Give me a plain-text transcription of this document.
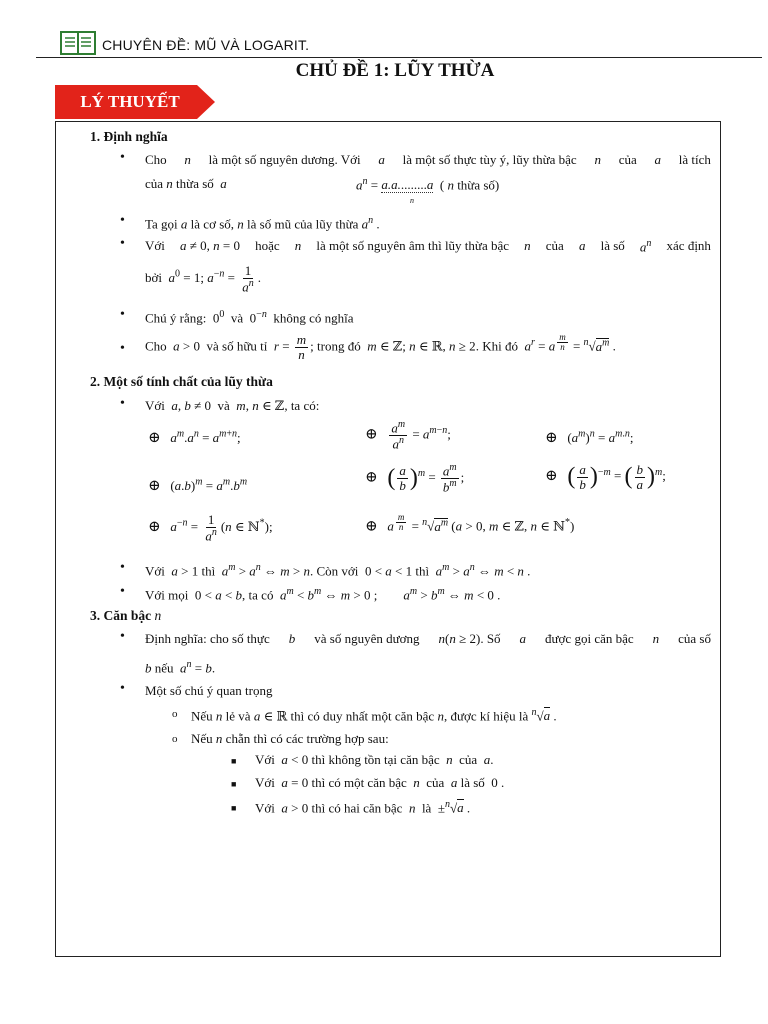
CHUYÊN ĐỀ: MŨ VÀ LOGARIT.
CHỦ ĐỀ 1: LŨY THỪA
LÝ THUYẾT
1. Định nghĩa
• Cho n là một số nguyên dương. Với a là một số thực tùy ý, lũy thừa bậc n của a là tích
của n thừa số a	$a^n = a.a.........a$  ( n thừa số)
n
• Ta gọi a là cơ số, n là số mũ của lũy thừa $a^n$ .
• Với a ≠ 0, n = 0 hoặc n là một số nguyên âm thì lũy thừa bậc n của a là số $a^n$ xác định
bởi $a^0 = 1$; $a^{-n} = \frac{1}{a^n}$ .
• Chú ý rằng:  $0^0$ và  $0^{-n}$ không có nghĩa
• Cho a > 0  và số hữu tỉ $r = \frac{m}{n}$ ; trong đó m ∈ ℤ; n ∈ ℝ, n ≥ 2. Khi đó $a^r = a$ $^{\frac{m}{n}} = ^n√a^m$ .
2. Một số tính chất của lũy thừa
• Với a, b ≠ 0  và m, n ∈ ℤ, ta có:
⊕ $a^m.a^n = a^{m+n}$;	⊕ $\frac{a^m}{a^n} = a^{m-n}$;	⊕   $(a^m)^n = a^{m.n}$;
⊕   $(a.b)^m = a^m.b^m$	⊕ ( $\frac{a}{b} )^m = \frac{a^m}{b^m}$ ;	⊕ ( $\frac{a}{b} )^{-m}$ = ( $\frac{b}{a} )^m$;
⊕ $a^{-n} = \frac{1}{a^n} (n$ ∈ ℕ*);	⊕ a $^{\frac{m}{n}} = ^n√a^m$ (a > 0, m ∈ ℤ, n ∈ ℕ*)
• Với a > 1 thì $a^m > a^n$ ⇔ m > n. Còn với  0 < a < 1 thì $a^m > a^n$ ⇔ m < n .
• Với mọi  0 < a < b, ta có $a^m < b^m$ ⇔ m > 0 ;        $a^m > b^m$ ⇔ m < 0 .
3. Căn bậc n
• Định nghĩa: cho số thực b và số nguyên dương n(n ≥ 2). Số a được gọi căn bậc n của số
b nếu $a^n = b$.
• Một số chú ý quan trọng
o Nếu n lẻ và a ∈ ℝ thì có duy nhất một căn bậc n, được kí hiệu là $^n$√a .
o Nếu n chẵn thì có các trường hợp sau:
■ Với a < 0 thì không tồn tại căn bậc n của a.
■ Với a = 0 thì có một căn bậc n  của  a là số  0 .
■ Với a > 0 thì có hai căn bậc n là  ±$^n$√a .
